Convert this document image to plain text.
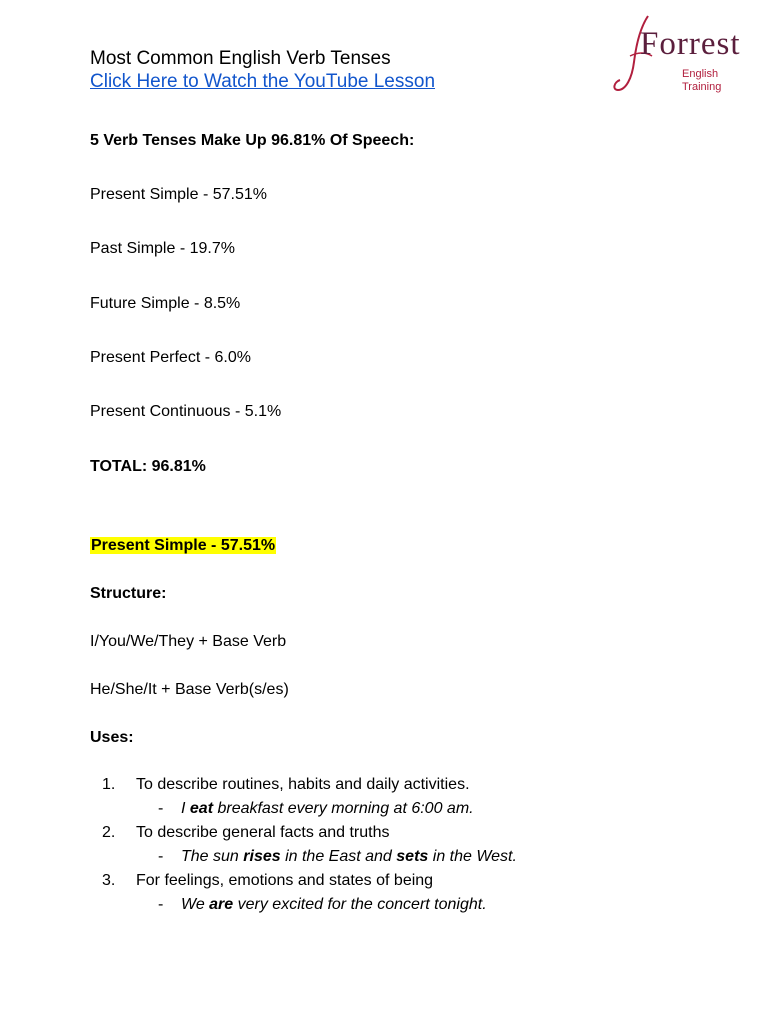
Most Common English Verb Tenses
Click Here to Watch the YouTube Lesson
Forrest
English Training
5 Verb Tenses Make Up 96.81% Of Speech:
Present Simple - 57.51%
Past Simple - 19.7%
Future Simple - 8.5%
Present Perfect - 6.0%
Present Continuous - 5.1%
TOTAL: 96.81%
Present Simple - 57.51%
Structure:
I/You/We/They + Base Verb
He/She/It + Base Verb(s/es)
Uses:
1. To describe routines, habits and daily activities.
- I eat breakfast every morning at 6:00 am.
2. To describe general facts and truths
- The sun rises in the East and sets in the West.
3. For feelings, emotions and states of being
- We are very excited for the concert tonight.
